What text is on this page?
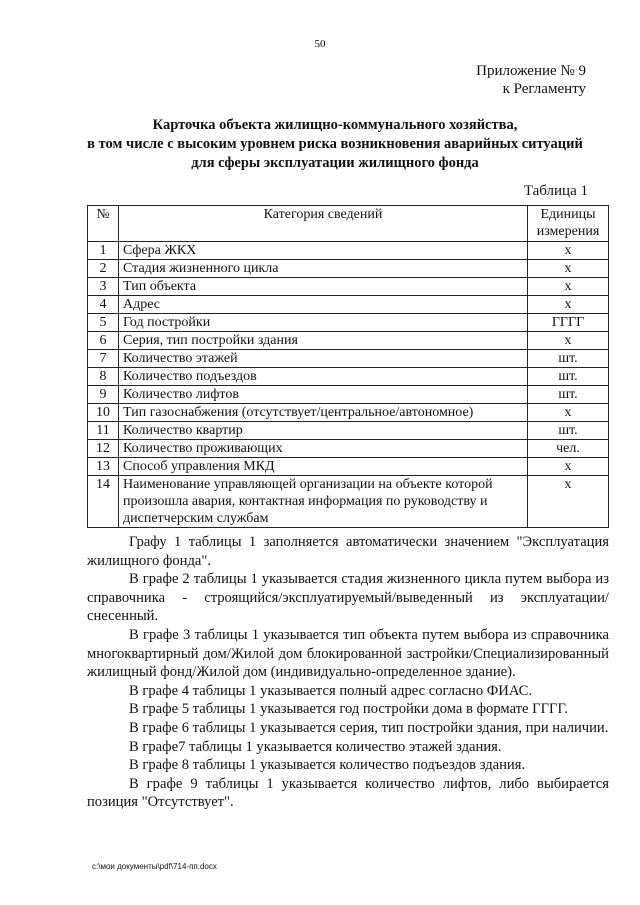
50
Приложение № 9
к Регламенту
Карточка объекта жилищно-коммунального хозяйства,
в том числе с высоким уровнем риска возникновения аварийных ситуаций
для сферы эксплуатации жилищного фонда
Таблица 1
№	Категория сведений	Единицы измерения
1	Сфера ЖКХ	х
2	Стадия жизненного цикла	х
3	Тип объекта	х
4	Адрес	х
5	Год постройки	ГГГГ
6	Серия, тип постройки здания	х
7	Количество этажей	шт.
8	Количество подъездов	шт.
9	Количество лифтов	шт.
10	Тип газоснабжения (отсутствует/центральное/автономное)	х
11	Количество квартир	шт.
12	Количество проживающих	чел.
13	Способ управления МКД	х
14	Наименование управляющей организации на объекте которой произошла авария, контактная информация по руководству и диспетчерским службам	х

Графу 1 таблицы 1 заполняется автоматически значением "Эксплуатация жилищного фонда".

В графе 2 таблицы 1 указывается стадия жизненного цикла путем выбора из справочника - строящийся/эксплуатируемый/выведенный из эксплуатации/снесенный.

В графе 3 таблицы 1 указывается тип объекта путем выбора из справочника многоквартирный дом/Жилой дом блокированной застройки/Специализированный жилищный фонд/Жилой дом (индивидуально-определенное здание).

В графе 4 таблицы 1 указывается полный адрес согласно ФИАС.

В графе 5 таблицы 1 указывается год постройки дома в формате ГГГГ.

В графе 6 таблицы 1 указывается серия, тип постройки здания, при наличии.

В графе7 таблицы 1 указывается количество этажей здания.

В графе 8 таблицы 1 указывается количество подъездов здания.

В графе 9 таблицы 1 указывается количество лифтов, либо выбирается позиция "Отсутствует".

c:\мои документы\pdf\714-пп.docx
